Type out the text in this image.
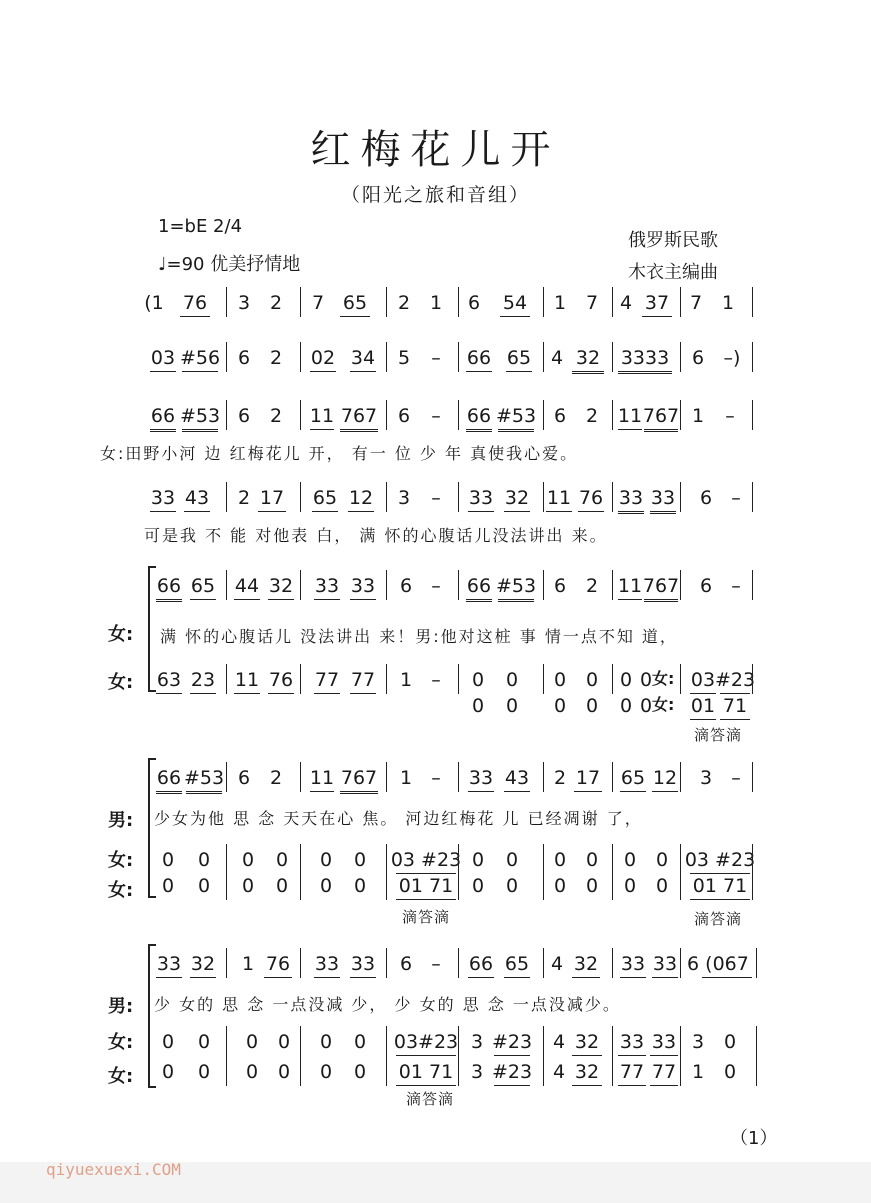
红梅花儿开
（阳光之旅和音组）
1=bE 2/4
♩=90 优美抒情地
俄罗斯民歌
木衣主编曲
(1 76 3 2 7 65 2 1 6 54 1 7 4 37 7 1
03 #56 6 2 02 34 5 – 66 65 4 32 3333 6 –)
66 #53 6 2 11 767 6 – 66 #53 6 2 11 767 1 –
女:田野小河 边 红梅花儿 开， 有一 位 少 年 真使我心爱。
33 43 2 17 65 12 3 – 33 32 11 76 33 33 6 –
可是我 不 能 对他表 白， 满 怀的心腹话儿没法讲出 来。
女:
女:
66 65 44 32 33 33 6 – 66 #53 6 2 11 767 6 –
满 怀的心腹话儿 没法讲出 来！男:他对这桩 事 情一点不知 道，
63 23 11 76 77 77 1 – 0 0 0 0 0 0 女: 03 #23
0 0 0 0 0 0 女: 01 71
滴答滴
男:
女:
女:
66 #53 6 2 11 767 1 – 33 43 2 17 65 12 3 –
少女为他 思 念 天天在心 焦。 河边红梅花 儿 已经凋谢 了，
0 0 0 0 0 0 03 #23 0 0 0 0 0 0 03 #23
0 0 0 0 0 0 01 71 0 0 0 0 0 0 01 71
滴答滴	滴答滴
男:
女:
女:
33 32 1 76 33 33 6 – 66 65 4 32 33 33 6 (067
少 女的 思 念 一点没减 少， 少 女的 思 念 一点没减少。
0 0 0 0 0 0 03#23 3 #23 4 32 33 33 3 0
0 0 0 0 0 0 01 71 3 #23 4 32 77 77 1 0
滴答滴
（1）
qiyuexuexi.COM
